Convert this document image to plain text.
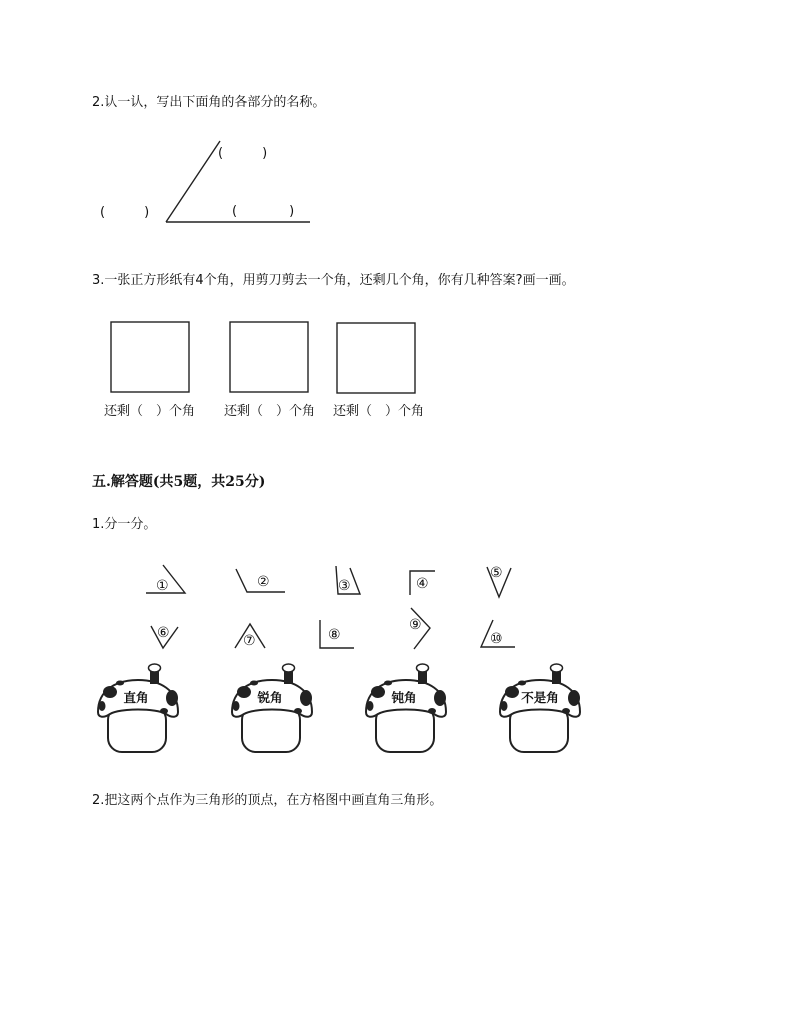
2.认一认，写出下面角的各部分的名称。
(　　　)
(　　　)	(　　　　)
3.一张正方形纸有4个角，用剪刀剪去一个角，还剩几个角，你有几种答案?画一画。
还剩（　）个角 还剩（　）个角 还剩（　）个角
五.解答题(共5题，共25分)
1.分一分。
①	②	③	④
⑤
⑥	⑦	⑧
⑨
⑩
直角	锐角	钝角	不是角
2.把这两个点作为三角形的顶点，在方格图中画直角三角形。
